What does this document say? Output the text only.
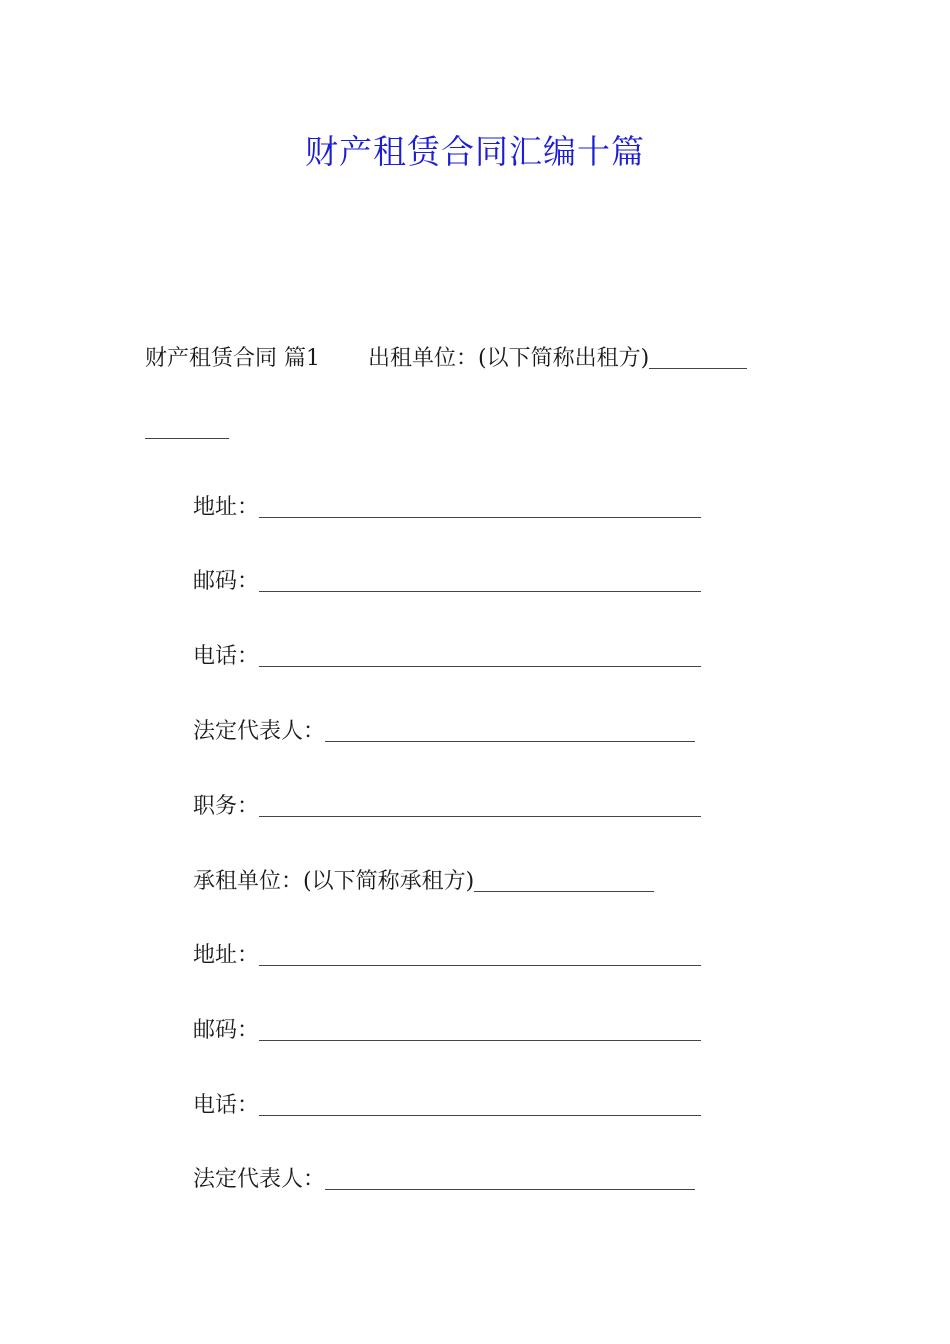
财产租赁合同汇编十篇
财产租赁合同 篇1 出租单位：(以下简称出租方)
地址：
邮码：
电话：
法定代表人：
职务：
承租单位：(以下简称承租方)
地址：
邮码：
电话：
法定代表人：
